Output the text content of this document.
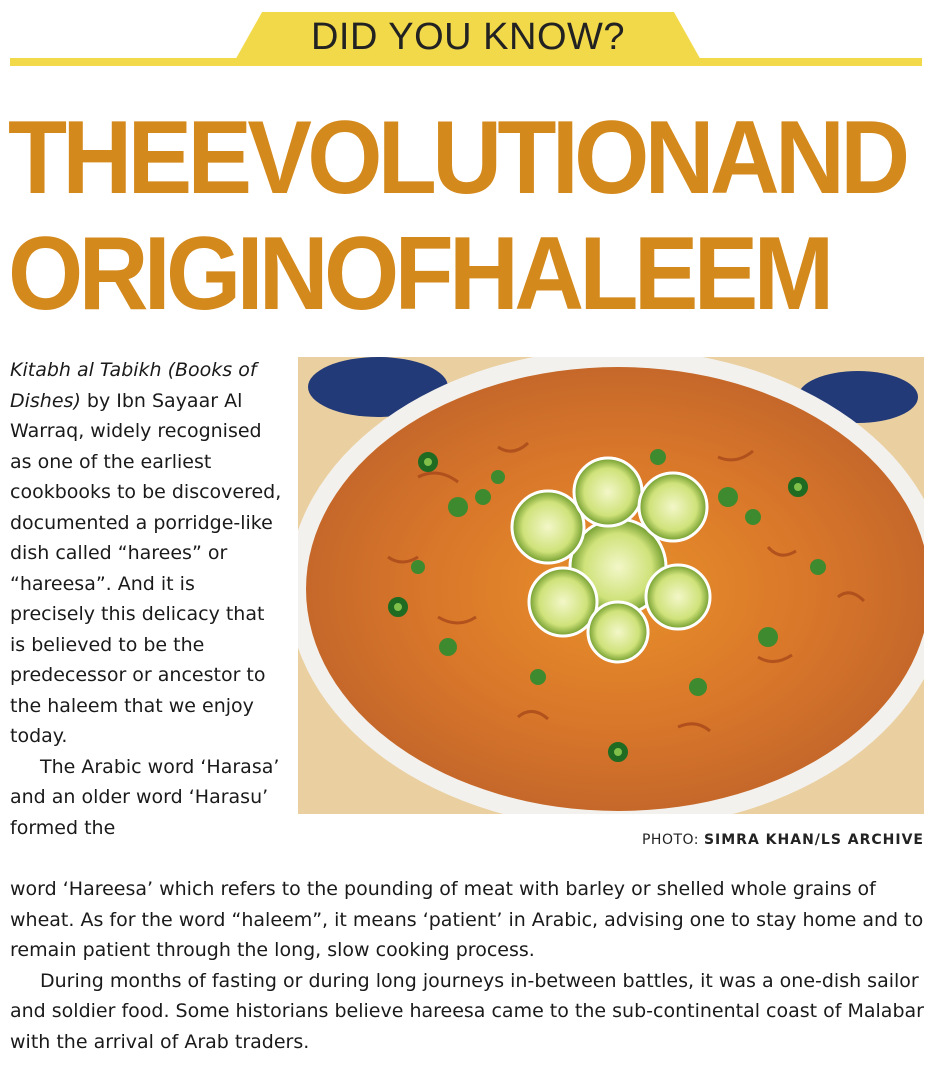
DID YOU KNOW?
THEEVOLUTIONAND
ORIGINOFHALEEM

Kitabh al Tabikh (Books of Dishes) by Ibn Sayaar Al Warraq, widely recognised as one of the earliest cookbooks to be discovered, documented a porridge-like dish called “harees” or “hareesa”. And it is precisely this delicacy that is believed to be the predecessor or ancestor to the haleem that we enjoy today.

The Arabic word ‘Harasa’ and an older word ‘Harasu’ formed the

PHOTO: SIMRA KHAN/LS ARCHIVE

word ‘Hareesa’ which refers to the pounding of meat with barley or shelled whole grains of wheat. As for the word “haleem”, it means ‘patient’ in Arabic, advising one to stay home and to remain patient through the long, slow cooking process.

During months of fasting or during long journeys in-between battles, it was a one-dish sailor and soldier food. Some historians believe hareesa came to the sub-continental coast of Malabar with the arrival of Arab traders.
